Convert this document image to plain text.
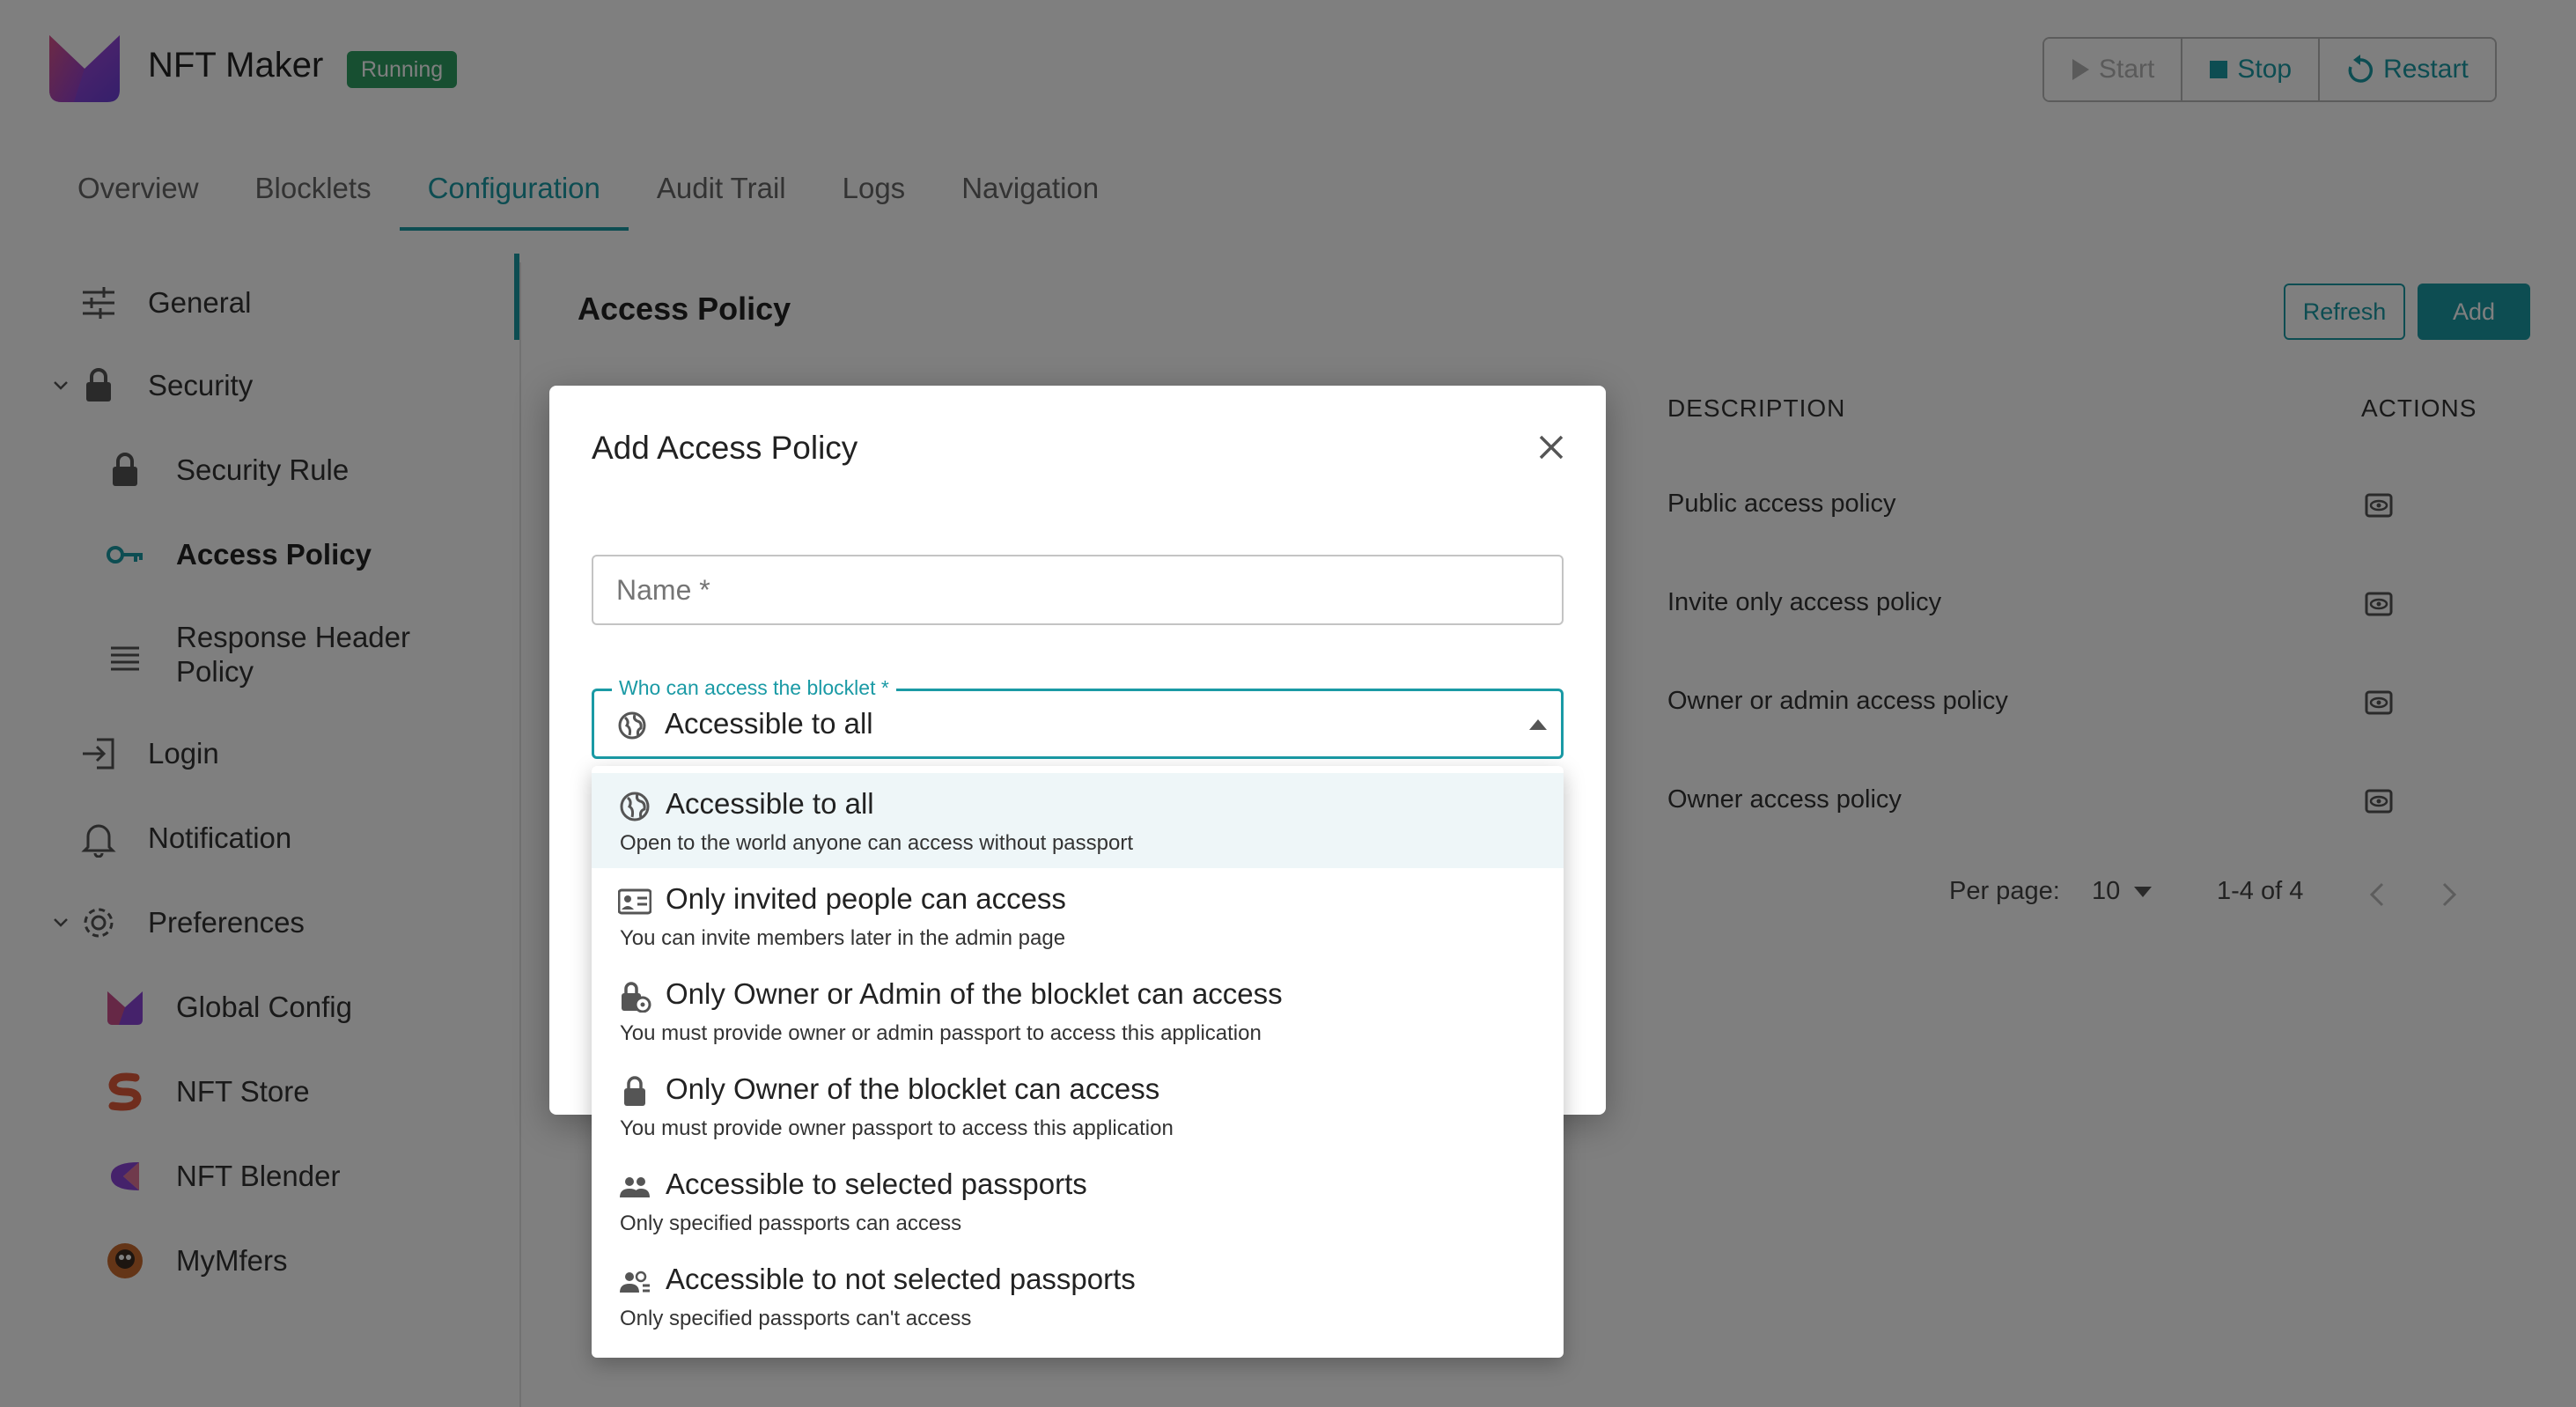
Add Access Policy
Name *
Who can access the blocklet *
Accessible to all
Accessible to all
Open to the world anyone can access without passport
Only invited people can access
You can invite members later in the admin page
Only Owner or Admin of the blocklet can access
You must provide owner or admin passport to access this application
Only Owner of the blocklet can access
You must provide owner passport to access this application
Accessible to selected passports
Only specified passports can access
Accessible to not selected passports
Only specified passports can't access
